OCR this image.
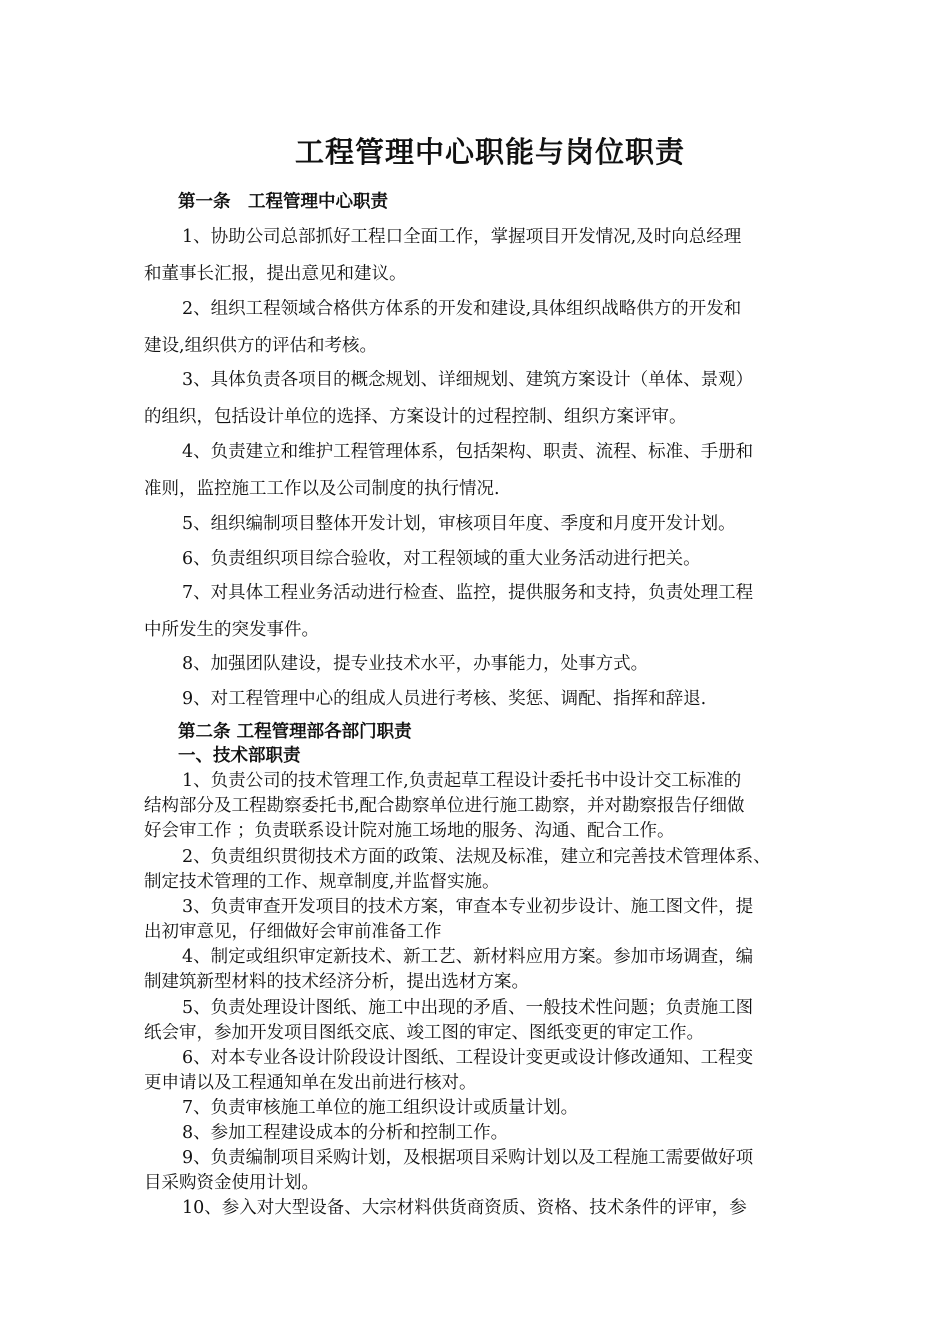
工程管理中心职能与岗位职责
第一条　工程管理中心职责
1、协助公司总部抓好工程口全面工作，掌握项目开发情况,及时向总经理
和董事长汇报，提出意见和建议。
2、组织工程领域合格供方体系的开发和建设,具体组织战略供方的开发和
建设,组织供方的评估和考核。
3、具体负责各项目的概念规划、详细规划、建筑方案设计（单体、景观）
的组织，包括设计单位的选择、方案设计的过程控制、组织方案评审。
4、负责建立和维护工程管理体系，包括架构、职责、流程、标准、手册和
准则，监控施工工作以及公司制度的执行情况.
5、组织编制项目整体开发计划，审核项目年度、季度和月度开发计划。
6、负责组织项目综合验收，对工程领域的重大业务活动进行把关。
7、对具体工程业务活动进行检查、监控，提供服务和支持，负责处理工程
中所发生的突发事件。
8、加强团队建设，提专业技术水平，办事能力，处事方式。
9、对工程管理中心的组成人员进行考核、奖惩、调配、指挥和辞退.
第二条 工程管理部各部门职责
一、技术部职责
1、负责公司的技术管理工作,负责起草工程设计委托书中设计交工标准的
结构部分及工程勘察委托书,配合勘察单位进行施工勘察，并对勘察报告仔细做
好会审工作 ；负责联系设计院对施工场地的服务、沟通、配合工作。
2、负责组织贯彻技术方面的政策、法规及标准，建立和完善技术管理体系、
制定技术管理的工作、规章制度,并监督实施。
3、负责审查开发项目的技术方案，审查本专业初步设计、施工图文件，提
出初审意见，仔细做好会审前准备工作
4、制定或组织审定新技术、新工艺、新材料应用方案。参加市场调查，编
制建筑新型材料的技术经济分析，提出选材方案。
5、负责处理设计图纸、施工中出现的矛盾、一般技术性问题；负责施工图
纸会审，参加开发项目图纸交底、竣工图的审定、图纸变更的审定工作。
6、对本专业各设计阶段设计图纸、工程设计变更或设计修改通知、工程变
更申请以及工程通知单在发出前进行核对。
7、负责审核施工单位的施工组织设计或质量计划。
8、参加工程建设成本的分析和控制工作。
9、负责编制项目采购计划，及根据项目采购计划以及工程施工需要做好项
目采购资金使用计划。
10、参入对大型设备、大宗材料供货商资质、资格、技术条件的评审，参
